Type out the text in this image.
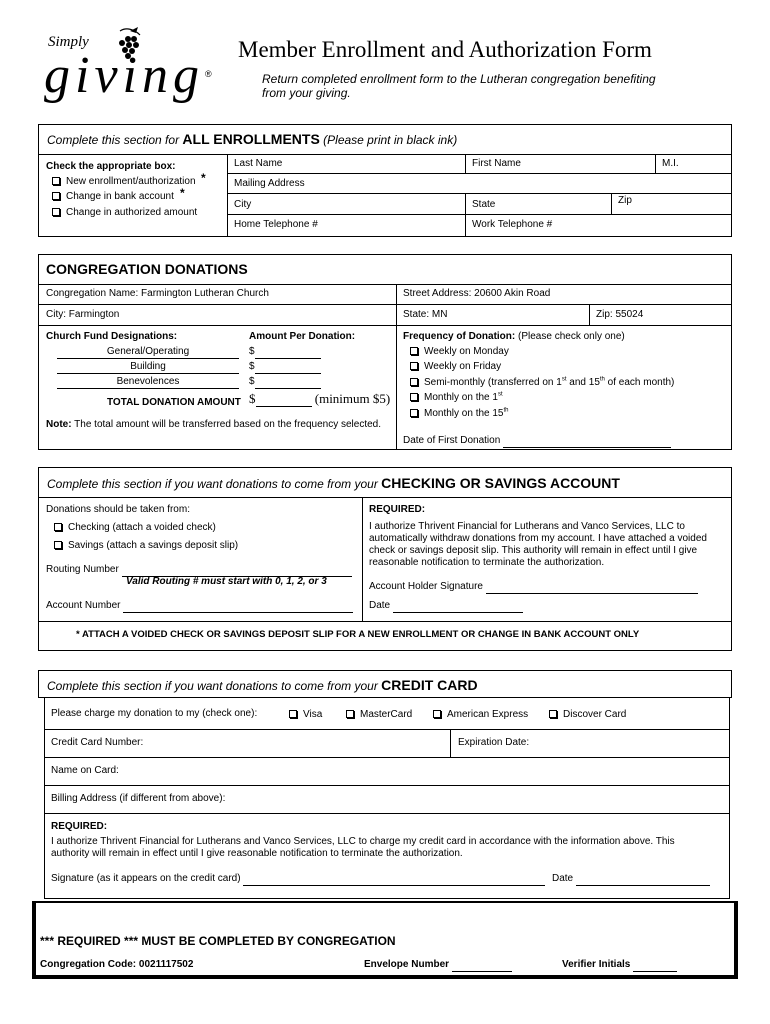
Simply
giving ®
Member Enrollment and Authorization Form
Return completed enrollment form to the Lutheran congregation benefiting
from your giving.
Complete this section for ALL ENROLLMENTS (Please print in black ink)
Check the appropriate box:
New enrollment/authorization *
Change in bank account *
Change in authorized amount
Last Name	First Name	M.I.
Mailing Address
City	State	Zip
Home Telephone #	Work Telephone #
CONGREGATION DONATIONS
Congregation Name: Farmington Lutheran Church	Street Address: 20600 Akin Road
City: Farmington	State: MN	Zip: 55024
Church Fund Designations:	Amount Per Donation:
General/Operating	$
Building	$
Benevolences	$
TOTAL DONATION AMOUNT $	(minimum $5)
Note: The total amount will be transferred based on the frequency selected.
Frequency of Donation: (Please check only one)
Weekly on Monday
Weekly on Friday
Semi-monthly (transferred on 1st and 15th of each month)
Monthly on the 1st
Monthly on the 15th
Date of First Donation
Complete this section if you want donations to come from your CHECKING OR SAVINGS ACCOUNT
Donations should be taken from:
Checking (attach a voided check)
Savings (attach a savings deposit slip)
Routing Number
Valid Routing # must start with 0, 1, 2, or 3
Account Number
REQUIRED:
I authorize Thrivent Financial for Lutherans and Vanco Services, LLC to
automatically withdraw donations from my account. I have attached a voided
check or savings deposit slip. This authority will remain in effect until I give
reasonable notification to terminate the authorization.
Account Holder Signature
Date
* ATTACH A VOIDED CHECK OR SAVINGS DEPOSIT SLIP FOR A NEW ENROLLMENT OR CHANGE IN BANK ACCOUNT ONLY
Complete this section if you want donations to come from your CREDIT CARD
Please charge my donation to my (check one):	Visa	MasterCard	American Express	Discover Card
Credit Card Number:	Expiration Date:
Name on Card:
Billing Address (if different from above):
REQUIRED:
I authorize Thrivent Financial for Lutherans and Vanco Services, LLC to charge my credit card in accordance with the information above. This
authority will remain in effect until I give reasonable notification to terminate the authorization.
Signature (as it appears on the credit card)	Date
*** REQUIRED *** MUST BE COMPLETED BY CONGREGATION
Congregation Code: 0021117502	Envelope Number	Verifier Initials
